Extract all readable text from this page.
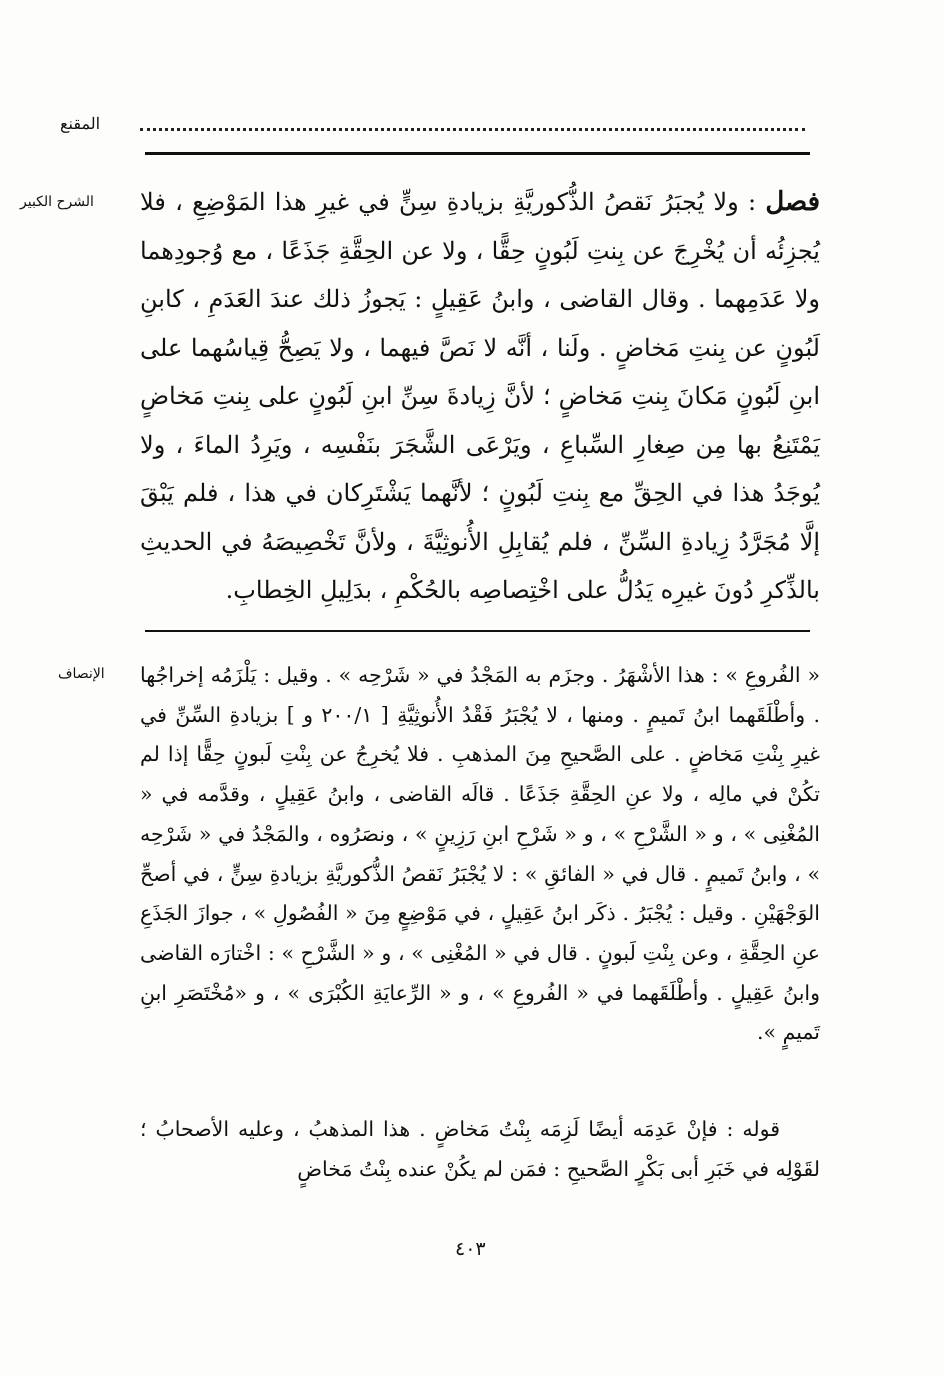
المقنع
الشرح الكبير	فصل : ولا يُجبَرُ نَقصُ الذُّكوريَّةِ بزيادةِ سِنٍّ في غيرِ هذا المَوْضِعِ ، فلا يُجزِئُه أن يُخْرِجَ عن بِنتِ لَبُونٍ حِقًّا ، ولا عن الحِقَّةِ جَذَعًا ، مع وُجودِهما ولا عَدَمِهما . وقال القاضى ، وابنُ عَقِيلٍ : يَجوزُ ذلك عندَ العَدَمِ ، كابنِ لَبُونٍ عن بِنتِ مَخاضٍ . ولَنا ، أنَّه لا نَصَّ فيهما ، ولا يَصِحُّ قِياسُهما على ابنِ لَبُونٍ مَكانَ بِنتِ مَخاضٍ ؛ لأنَّ زِيادةَ سِنِّ ابنِ لَبُونٍ على بِنتِ مَخاضٍ يَمْتَنِعُ بها مِن صِغارِ السِّباعِ ، ويَرْعَى الشَّجَرَ بنَفْسِه ، ويَرِدُ الماءَ ، ولا يُوجَدُ هذا في الحِقِّ مع بِنتِ لَبُونٍ ؛ لأنَّهما يَشْتَرِكان في هذا ، فلم يَبْقَ إلَّا مُجَرَّدُ زِيادةِ السِّنِّ ، فلم يُقابِلِ الأُنوثِيَّةَ ، ولأنَّ تَخْصِيصَهُ في الحديثِ بالذِّكرِ دُونَ غيرِه يَدُلُّ على اخْتِصاصِه بالحُكْمِ ، بدَلِيلِ الخِطابِ.

الإنصاف « الفُروعِ » : هذا الأشْهَرُ . وجزَم به المَجْدُ في « شَرْحِه » . وقيل : يَلْزَمُه إخراجُها . وأطْلَقَهما ابنُ تَميمٍ . ومنها ، لا يُجْبَرُ فَقْدُ الأُنوثِيَّةِ [ ٢٠٠/١ و ] بزيادةِ السِّنِّ في غيرِ بِنْتِ مَخاضٍ . على الصَّحيحِ مِنَ المذهبِ . فلا يُخرِجُ عن بِنْتِ لَبونٍ حِقًّا إذا لم تكُنْ في مالِه ، ولا عنِ الحِقَّةِ جَذَعًا . قالَه القاضى ، وابنُ عَقِيلٍ ، وقدَّمه في « المُغْنِى » ، و « الشَّرْحِ » ، و « شَرْحِ ابنِ رَزِينٍ » ، ونصَرُوه ، والمَجْدُ في « شَرْحِه » ، وابنُ تَميمٍ . قال في « الفائقِ » : لا يُجْبَرُ نَقصُ الذُّكوريَّةِ بزيادةِ سِنٍّ ، في أصحِّ الوَجْهَيْنِ . وقيل : يُجْبَرُ . ذكَر ابنُ عَقِيلٍ ، في مَوْضِعٍ مِنَ « الفُصُولِ » ، جوازَ الجَذَعِ عنِ الحِقَّةِ ، وعن بِنْتِ لَبونٍ . قال في « المُغْنِى » ، و « الشَّرْحِ » : اخْتارَه القاضى وابنُ عَقِيلٍ . وأطْلَقَهما في « الفُروعِ » ، و « الرِّعايَةِ الكُبْرَى » ، و «مُخْتَصَرِ ابنِ تَميمٍ ».

قوله : فإنْ عَدِمَه أيضًا لَزِمَه بِنْتُ مَخاضٍ . هذا المذهبُ ، وعليه الأصحابُ ؛ لقَوْلِه في خَبَرِ أبى بَكْرٍ الصَّحيحِ : فمَن لم يكُنْ عنده بِنْتُ مَخاضٍ

٤٠٣
